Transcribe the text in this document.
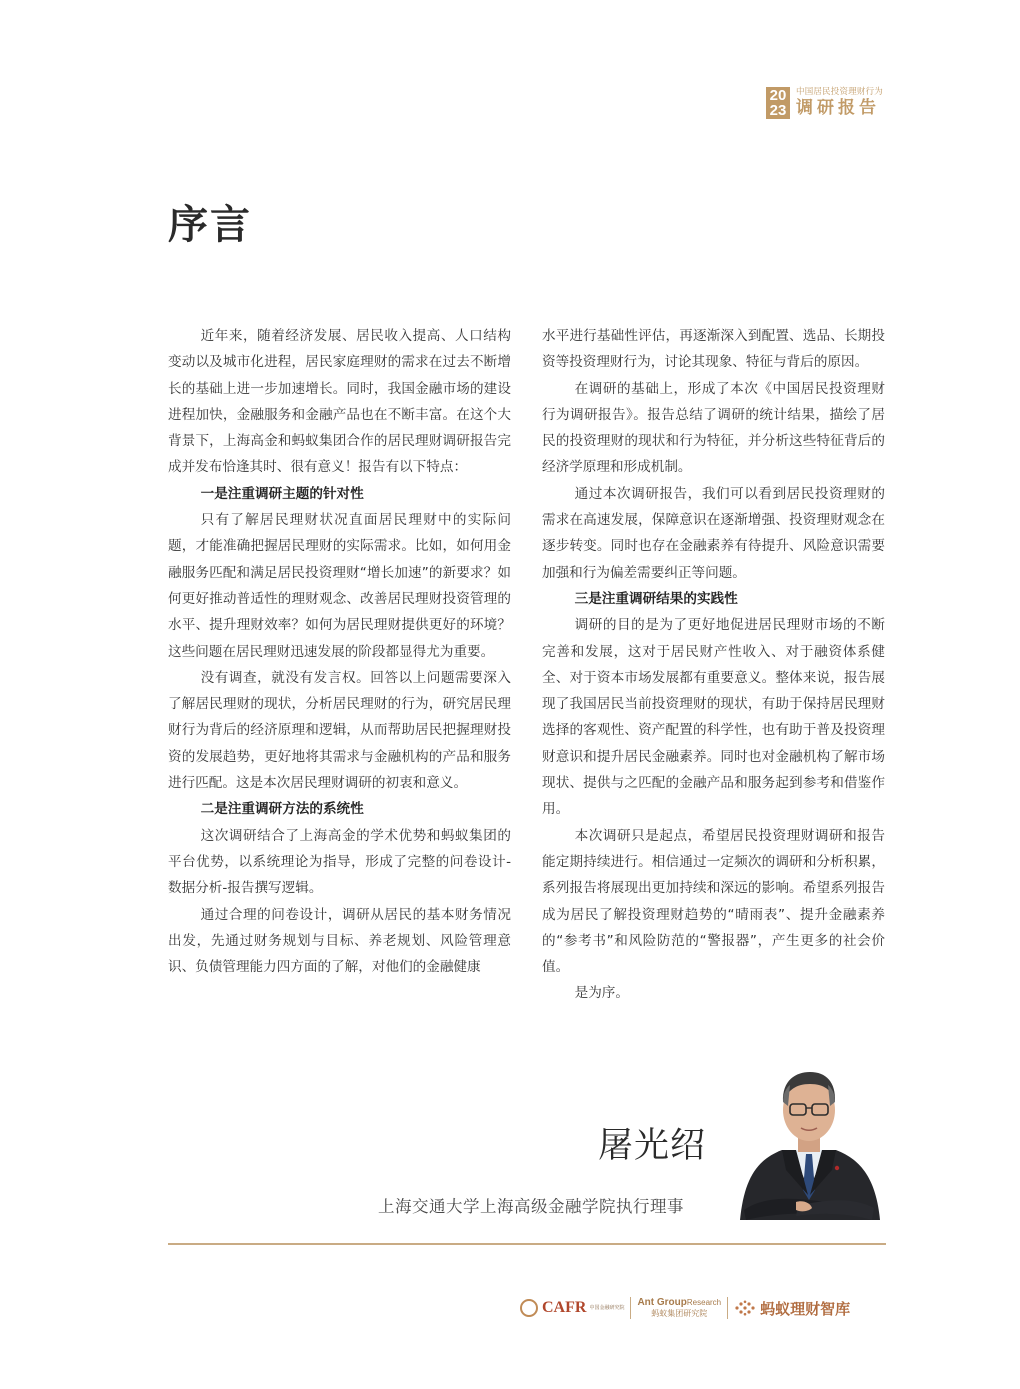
20
23
中国居民投资理财行为
调研报告
序言

近年来，随着经济发展、居民收入提高、人口结构变动以及城市化进程，居民家庭理财的需求在过去不断增长的基础上进一步加速增长。同时，我国金融市场的建设进程加快，金融服务和金融产品也在不断丰富。在这个大背景下，上海高金和蚂蚁集团合作的居民理财调研报告完成并发布恰逢其时、很有意义！报告有以下特点：

一是注重调研主题的针对性

只有了解居民理财状况直面居民理财中的实际问题，才能准确把握居民理财的实际需求。比如，如何用金融服务匹配和满足居民投资理财“增长加速”的新要求？如何更好推动普适性的理财观念、改善居民理财投资管理的水平、提升理财效率？如何为居民理财提供更好的环境？这些问题在居民理财迅速发展的阶段都显得尤为重要。

没有调查，就没有发言权。回答以上问题需要深入了解居民理财的现状，分析居民理财的行为，研究居民理财行为背后的经济原理和逻辑，从而帮助居民把握理财投资的发展趋势，更好地将其需求与金融机构的产品和服务进行匹配。这是本次居民理财调研的初衷和意义。

二是注重调研方法的系统性

这次调研结合了上海高金的学术优势和蚂蚁集团的平台优势，以系统理论为指导，形成了完整的问卷设计-数据分析-报告撰写逻辑。

通过合理的问卷设计，调研从居民的基本财务情况出发，先通过财务规划与目标、养老规划、风险管理意识、负债管理能力四方面的了解，对他们的金融健康

水平进行基础性评估，再逐渐深入到配置、选品、长期投资等投资理财行为，讨论其现象、特征与背后的原因。

在调研的基础上，形成了本次《中国居民投资理财行为调研报告》。报告总结了调研的统计结果，描绘了居民的投资理财的现状和行为特征，并分析这些特征背后的经济学原理和形成机制。

通过本次调研报告，我们可以看到居民投资理财的需求在高速发展，保障意识在逐渐增强、投资理财观念在逐步转变。同时也存在金融素养有待提升、风险意识需要加强和行为偏差需要纠正等问题。

三是注重调研结果的实践性

调研的目的是为了更好地促进居民理财市场的不断完善和发展，这对于居民财产性收入、对于融资体系健全、对于资本市场发展都有重要意义。整体来说，报告展现了我国居民当前投资理财的现状，有助于保持居民理财选择的客观性、资产配置的科学性，也有助于普及投资理财意识和提升居民金融素养。同时也对金融机构了解市场现状、提供与之匹配的金融产品和服务起到参考和借鉴作用。

本次调研只是起点，希望居民投资理财调研和报告能定期持续进行。相信通过一定频次的调研和分析积累，系列报告将展现出更加持续和深远的影响。希望系列报告成为居民了解投资理财趋势的“晴雨表”、提升金融素养的“参考书”和风险防范的“警报器”，产生更多的社会价值。

是为序。

屠光绍
上海交通大学上海高级金融学院执行理事
CAFR 中国金融研究院 Ant GroupResearch
蚂蚁集团研究院	蚂蚁理财智库
